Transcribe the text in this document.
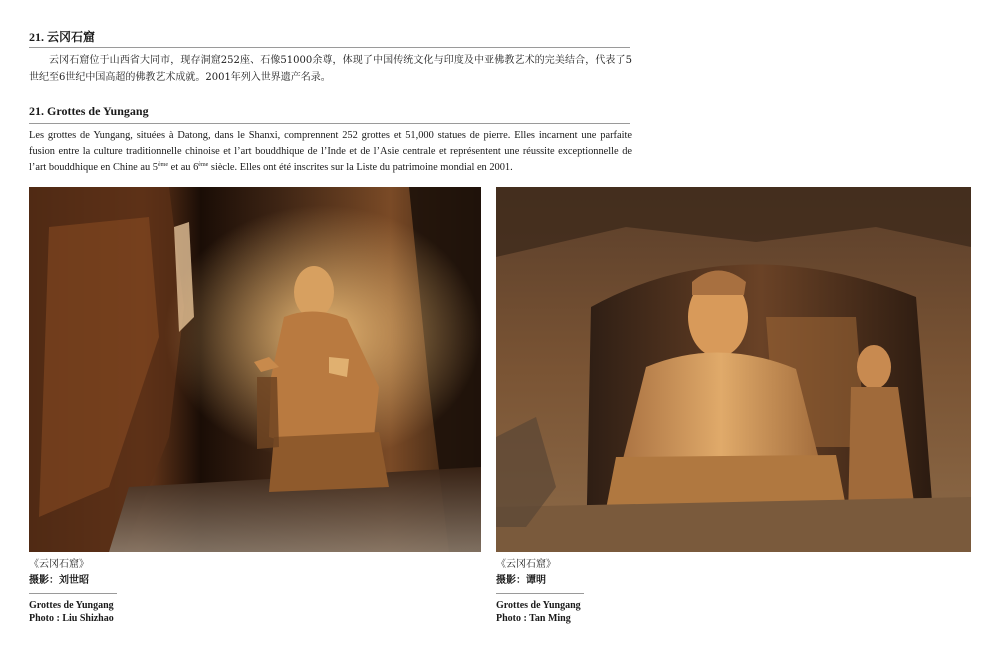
21. 云冈石窟
云冈石窟位于山西省大同市，现存洞窟252座、石像51000余尊，体现了中国传统文化与印度及中亚佛教艺术的完美结合，代表了5世纪至6世纪中国高超的佛教艺术成就。2001年列入世界遗产名录。
21. Grottes de Yungang
Les grottes de Yungang, situées à Datong, dans le Shanxi, comprennent 252 grottes et 51,000 statues de pierre. Elles incarnent une parfaite fusion entre la culture traditionnelle chinoise et l’art bouddhique de l’Inde et de l’Asie centrale et représentent une réussite exceptionnelle de l’art bouddhique en Chine au 5ème et au 6ème siècle. Elles ont été inscrites sur la Liste du patrimoine mondial en 2001.
《云冈石窟》
摄影：刘世昭
Grottes de Yungang
Photo : Liu Shizhao
《云冈石窟》
摄影：谭明
Grottes de Yungang
Photo : Tan Ming
